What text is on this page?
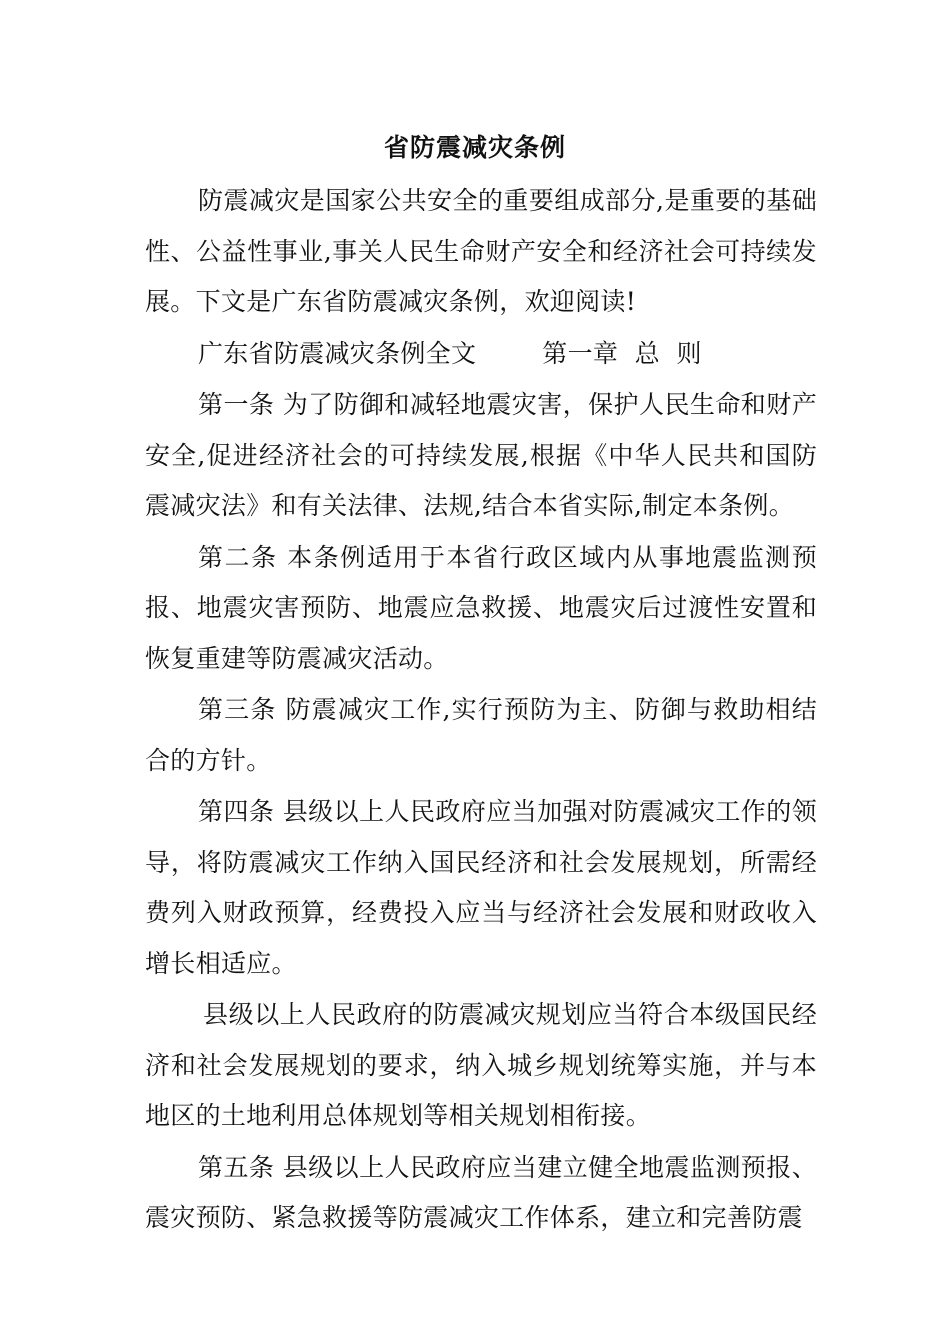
省防震减灾条例

防震减灾是国家公共安全的重要组成部分,是重要的基础性、公益性事业,事关人民生命财产安全和经济社会可持续发展。下文是广东省防震减灾条例，欢迎阅读!

广东省防震减灾条例全文        第一章  总  则

第一条 为了防御和减轻地震灾害，保护人民生命和财产安全,促进经济社会的可持续发展,根据《中华人民共和国防震减灾法》和有关法律、法规,结合本省实际,制定本条例。

第二条 本条例适用于本省行政区域内从事地震监测预报、地震灾害预防、地震应急救援、地震灾后过渡性安置和恢复重建等防震减灾活动。

第三条 防震减灾工作,实行预防为主、防御与救助相结合的方针。

第四条 县级以上人民政府应当加强对防震减灾工作的领导，将防震减灾工作纳入国民经济和社会发展规划，所需经费列入财政预算，经费投入应当与经济社会发展和财政收入增长相适应。

县级以上人民政府的防震减灾规划应当符合本级国民经济和社会发展规划的要求，纳入城乡规划统筹实施，并与本地区的土地利用总体规划等相关规划相衔接。

第五条 县级以上人民政府应当建立健全地震监测预报、震灾预防、紧急救援等防震减灾工作体系，建立和完善防震
